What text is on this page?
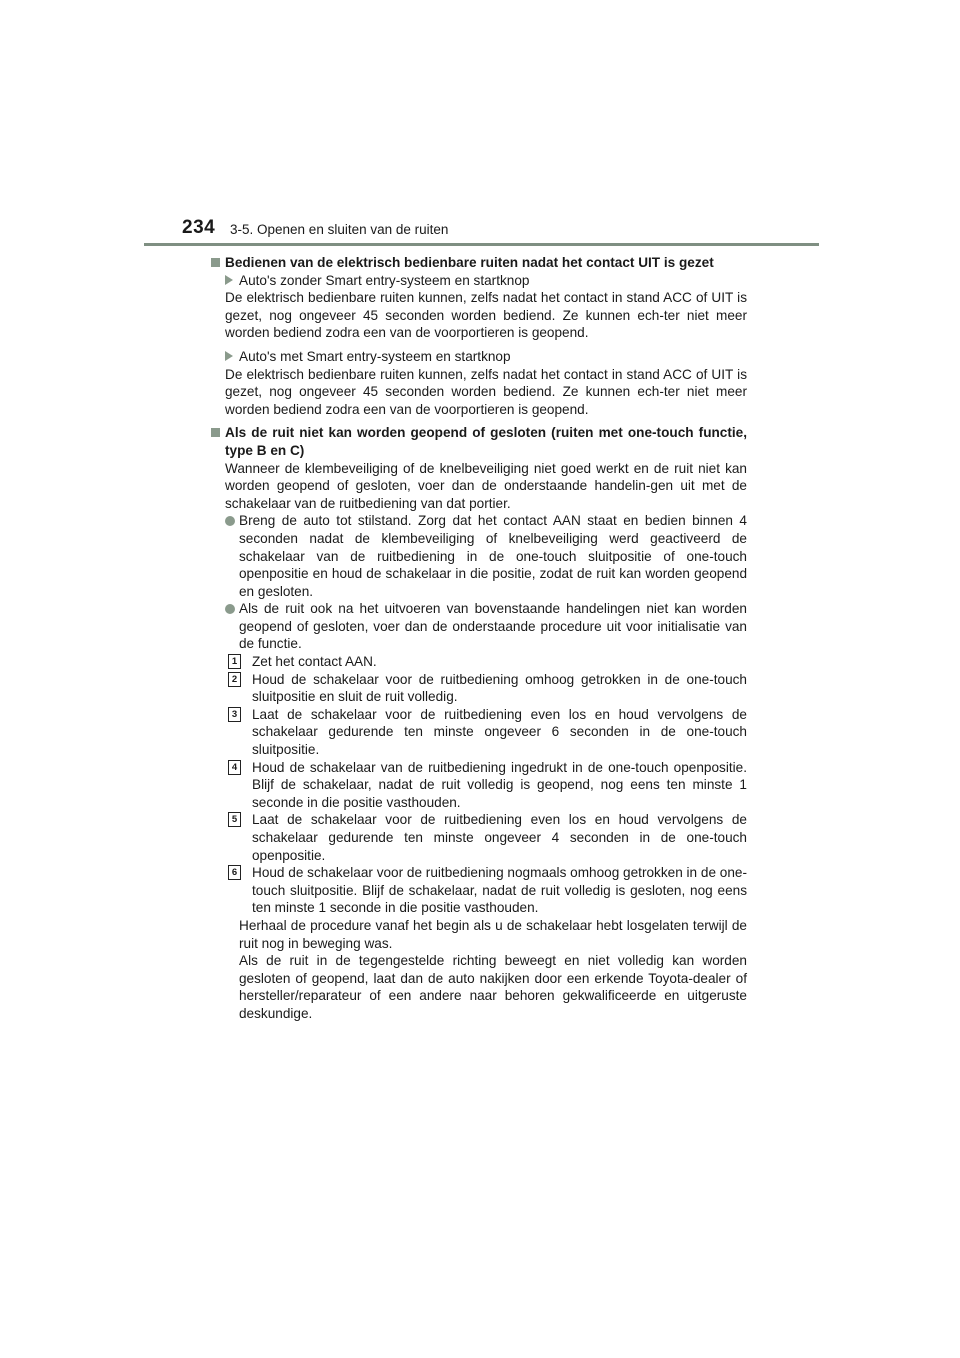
234 3-5. Openen en sluiten van de ruiten

Bedienen van de elektrisch bedienbare ruiten nadat het contact UIT is gezet

Auto's zonder Smart entry-systeem en startknop

De elektrisch bedienbare ruiten kunnen, zelfs nadat het contact in stand ACC of UIT is gezet, nog ongeveer 45 seconden worden bediend. Ze kunnen ech-ter niet meer worden bediend zodra een van de voorportieren is geopend.

Auto's met Smart entry-systeem en startknop

De elektrisch bedienbare ruiten kunnen, zelfs nadat het contact in stand ACC of UIT is gezet, nog ongeveer 45 seconden worden bediend. Ze kunnen ech-ter niet meer worden bediend zodra een van de voorportieren is geopend.

Als de ruit niet kan worden geopend of gesloten (ruiten met one-touch functie, type B en C)

Wanneer de klembeveiliging of de knelbeveiliging niet goed werkt en de ruit niet kan worden geopend of gesloten, voer dan de onderstaande handelin-gen uit met de schakelaar van de ruitbediening van dat portier.

Breng de auto tot stilstand. Zorg dat het contact AAN staat en bedien binnen 4 seconden nadat de klembeveiliging of knelbeveiliging werd geactiveerd de schakelaar van de ruitbediening in de one-touch sluitpositie of one-touch openpositie en houd de schakelaar in die positie, zodat de ruit kan worden geopend en gesloten.

Als de ruit ook na het uitvoeren van bovenstaande handelingen niet kan worden geopend of gesloten, voer dan de onderstaande procedure uit voor initialisatie van de functie.

1 Zet het contact AAN.

2 Houd de schakelaar voor de ruitbediening omhoog getrokken in de one-touch sluitpositie en sluit de ruit volledig.

3 Laat de schakelaar voor de ruitbediening even los en houd vervolgens de schakelaar gedurende ten minste ongeveer 6 seconden in de one-touch sluitpositie.

4 Houd de schakelaar van de ruitbediening ingedrukt in de one-touch openpositie. Blijf de schakelaar, nadat de ruit volledig is geopend, nog eens ten minste 1 seconde in die positie vasthouden.

5 Laat de schakelaar voor de ruitbediening even los en houd vervolgens de schakelaar gedurende ten minste ongeveer 4 seconden in de one-touch openpositie.

6 Houd de schakelaar voor de ruitbediening nogmaals omhoog getrokken in de one-touch sluitpositie. Blijf de schakelaar, nadat de ruit volledig is gesloten, nog eens ten minste 1 seconde in die positie vasthouden.

Herhaal de procedure vanaf het begin als u de schakelaar hebt losgelaten terwijl de ruit nog in beweging was.
Als de ruit in de tegengestelde richting beweegt en niet volledig kan worden gesloten of geopend, laat dan de auto nakijken door een erkende Toyota-dealer of hersteller/reparateur of een andere naar behoren gekwalificeerde en uitgeruste deskundige.
